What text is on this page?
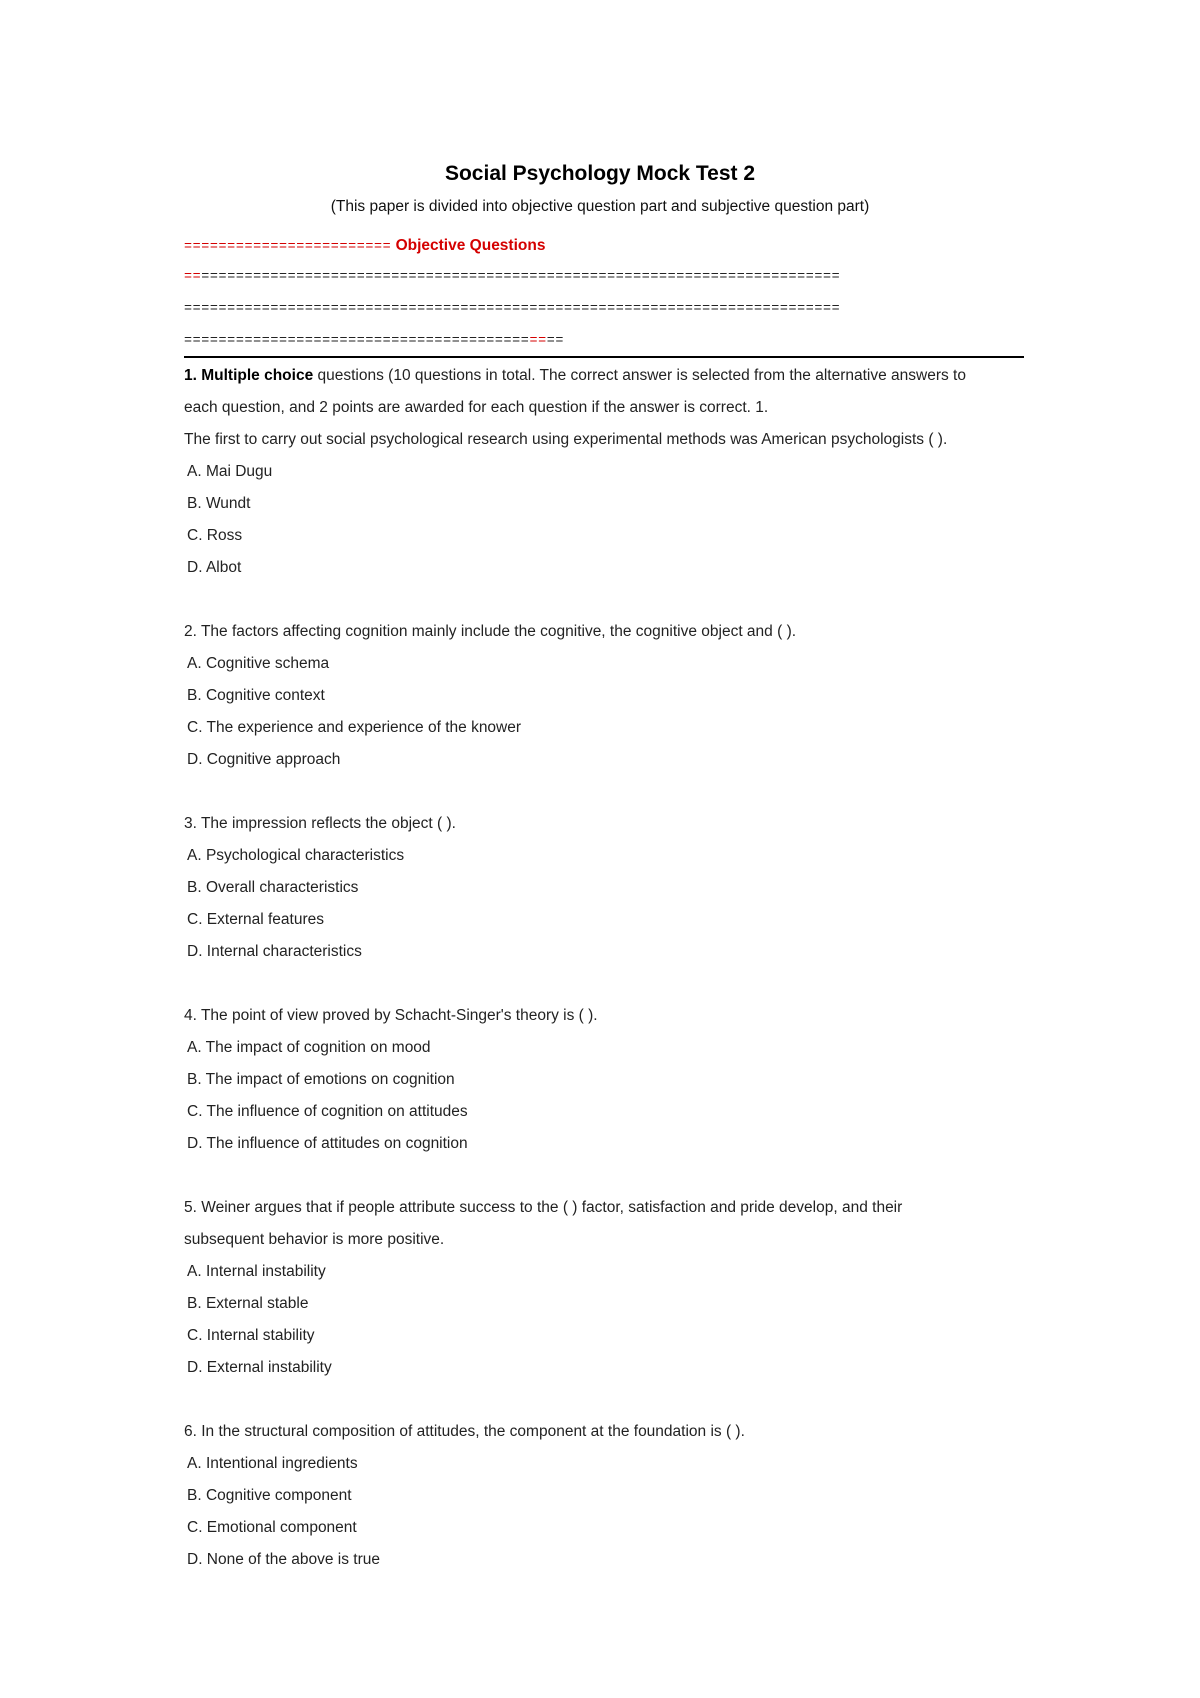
Social Psychology Mock Test 2

(This paper is divided into objective question part and subjective question part)

======================== Objective Questions
============================================================================
============================================================================
============================================
1. Multiple choice questions (10 questions in total. The correct answer is selected from the alternative answers to
each question, and 2 points are awarded for each question if the answer is correct. 1.
The first to carry out social psychological research using experimental methods was American psychologists ( ).
A. Mai Dugu
B. Wundt
C. Ross
D. Albot
2. The factors affecting cognition mainly include the cognitive, the cognitive object and ( ).
A. Cognitive schema
B. Cognitive context
C. The experience and experience of the knower
D. Cognitive approach
3. The impression reflects the object ( ).
A. Psychological characteristics
B. Overall characteristics
C. External features
D. Internal characteristics
4. The point of view proved by Schacht-Singer's theory is ( ).
A. The impact of cognition on mood
B. The impact of emotions on cognition
C. The influence of cognition on attitudes
D. The influence of attitudes on cognition
5. Weiner argues that if people attribute success to the ( ) factor, satisfaction and pride develop, and their
subsequent behavior is more positive.
A. Internal instability
B. External stable
C. Internal stability
D. External instability
6. In the structural composition of attitudes, the component at the foundation is ( ).
A. Intentional ingredients
B. Cognitive component
C. Emotional component
D. None of the above is true
